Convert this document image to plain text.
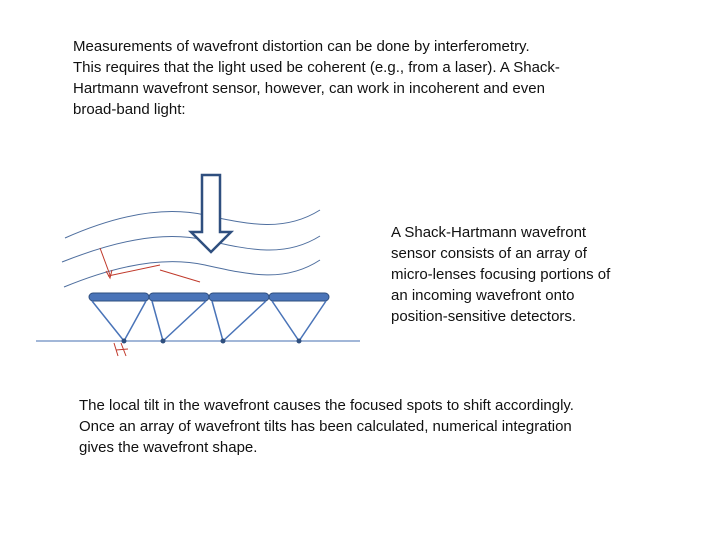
Measurements of wavefront distortion can be done by interferometry.
This requires that the light used be coherent (e.g., from a laser). A Shack-
Hartmann wavefront sensor, however, can work in incoherent and even
broad-band light:
A Shack-Hartmann wavefront
sensor consists of an array of
micro-lenses focusing portions of
an incoming wavefront onto
position-sensitive detectors.
The local tilt in the wavefront causes the focused spots to shift accordingly.
Once an array of wavefront tilts has been calculated, numerical integration
gives the wavefront shape.
